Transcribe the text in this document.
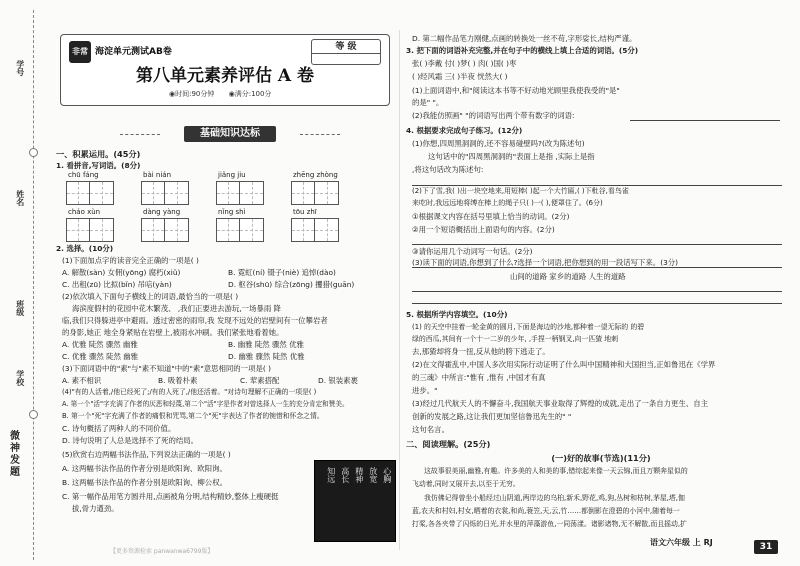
学号
姓名
班级
学校
微神发题
非常 海淀单元测试AB卷	等 级
第八单元素养评估 A 卷
◉时间:90分钟 ◉满分:100分
基础知识达标
一、积累运用。(45分)
1. 看拼音,写词语。(8分)
chū fáng	bài nián	jiǎng jiu	zhēng zhòng
cháo xùn	dàng yàng	nǐng shì	tōu zhī
2. 选择。(10分)
(1)下面加点字的读音完全正确的一项是( )
A. 解散(sàn) 女佣(yōng) 腐朽(xiǔ)	B. 霓虹(ní) 镊子(niè) 追悼(dào)
C. 出租(zū) 比拟(bǐn) 吊唁(yàn)	D. 枢谷(shū) 综合(zōng) 攫猎(guān)
(2)依次填入下面句子横线上的词语,最恰当的一项是( )
海滨度假村的花园中花木繁茂、 ,我们正要进去游玩,一场暴雨 降
临,我们只得躲进亭中避雨。透过密密的雨帘,我 发现不远处的岩壁间有一位攀岩者
的身影,她正 地全身紧贴在岩壁上,被雨水冲刷。我们紧张地看着她。
A. 优雅 陡然 骤然 幽雅	B. 幽雅 陡然 骤然 优雅
C. 优雅 骤然 陡然 幽雅	D. 幽雅 骤然 陡然 优雅
(3)下面词语中的"素"与"素不知道"中的"素"意思相同的一项是( )
A. 素不相识	B. 吸着朴素	C. 荤素搭配	D. 银装素裹
(4)"有的人活着,/他已经死了;/有的人死了,/他还活着。"对诗句理解不正确的一项是( )
A. 第一个"活"字充满了作者的厌恶和轻蔑,第二个"活"字是作者对曾选择人一生的充分肯定和赞美。
B. 第一个"死"字充满了作者的痛恨和咒骂,第二个"死"字表达了作者的惋惜和怀念之情。
C. 诗句概括了两种人的不同价值。
D. 诗句说明了人总是选择不了死的结局。
(5)欣赏右边两幅书法作品,下列说法正确的一项是( )
A. 这两幅书法作品的作者分别是欧阳询、欧阳询。
B. 这两幅书法作品的作者分别是欧阳询、柳公权。
C. 第一幅作品用笔方圆并用,点画被角分明,结构精妙,整体上瘦硬挺
拔,骨力遒劲。
心胸
放宽
精神
高长
知远
【更多资源检索 panwanwa6799版】
D. 第二幅作品笔力刚健,点画的转换处一丝不苟,字形娑长,结构严谨。
3. 把下面的词语补充完整,并在句子中的横线上填上合适的词语。(5分)
张( )李戴 付( )梦( ) 肉( )国( )枣
( )经风霜 三( )半夜 恍然大( )
(1)上面词语中,和"阅读这本书等不好动地光顾里我使我受的"是"
的是" "。
(2)我能仿照画" "的词语写出两个带有数字的词语:
4. 根据要求完成句子练习。(12分)
(1)你想,四周黑洞洞的,还不容易碰壁吗?(改为陈述句)
这句话中的"四周黑洞洞的"表面上是指 ,实际上是指
,将这句话改为陈述句:
(2)下了雪,我( )出一块空地来,用短棒( )起一个大竹匾,( )下秕谷,看鸟雀
来吃时,我远远地将缚在棒上的绳子只( )一( ),便罩住了。(6分)
①根据课文内容在括号里填上恰当的动词。(2分)
②用一个短语概括出上面语句的内容。(2分)
③请你运用几个动词写一句话。(2分)
(3)读下面的词语,你想到了什么?选择一个词语,把你想到的用一段话写下来。(3分)
山间的道路 家乡的道路 人生的道路
5. 根据所学内容填空。(10分)
(1) 的天空中挂着一轮金黄的圆月,下面是海边的沙地,都种着一望无际的 的碧
绿的西瓜,其间有一个十一二岁的少年, ,手捏一柄钢叉,向一匹猹 地刺
去,那猹却将身一扭,反从他的胯下逃走了。
(2)在文得霍乱中,中国人多次用实际行动证明了什么叫中国精神和大国担当,正如鲁迅在《学界
的三魂》中所言:"惟有 ,惟有 ,中国才有真
进步。"
(3)经过几代航天人的不懈奋斗,我国航天事业取得了辉煌的成就,走出了一条自力更生、自主
创新的发展之路,这让我们更加坚信鲁迅先生的" "
这句名言。
二、阅读理解。(25分)
(一)好的故事(节选)(11分)
这故事很美丽,幽雅,有趣。许多美的人和美的事,错综起来像一天云锦,而且万颗奔星似的
飞动着,同时又展开去,以至于无穷。
我仿佛记得曾坐小船经过山阴道,两岸边的乌桕,新禾,野花,鸡,狗,丛树和枯树,茅屋,塔,伽
蓝,农夫和村妇,村女,晒着的衣裳,和尚,蓑笠,天,云,竹……都倒影在澄碧的小河中,随着每一
打桨,各各夹带了闪烁的日光,并水里的萍藻游鱼,一同荡漾。诸影诸物,无不解散,而且摇动,扩
语文六年级 上 RJ	31
